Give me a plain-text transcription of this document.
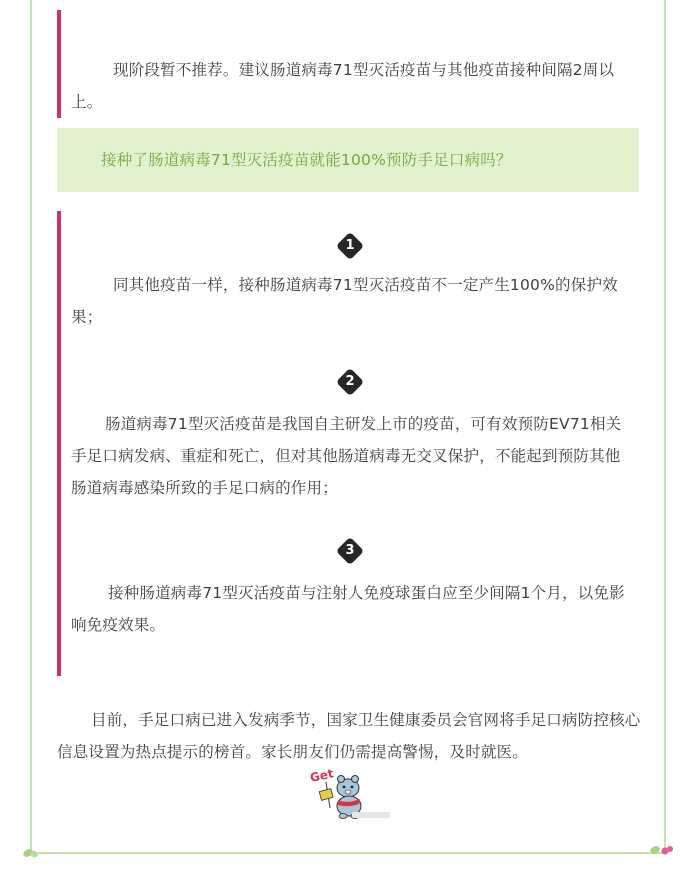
现阶段暂不推荐。建议肠道病毒71型灭活疫苗与其他疫苗接种间隔2周以上。
接种了肠道病毒71型灭活疫苗就能100%预防手足口病吗？
1
同其他疫苗一样，接种肠道病毒71型灭活疫苗不一定产生100%的保护效果；
2
肠道病毒71型灭活疫苗是我国自主研发上市的疫苗，可有效预防EV71相关手足口病发病、重症和死亡，但对其他肠道病毒无交叉保护，不能起到预防其他肠道病毒感染所致的手足口病的作用；
3
接种肠道病毒71型灭活疫苗与注射人免疫球蛋白应至少间隔1个月，以免影响免疫效果。
目前，手足口病已进入发病季节，国家卫生健康委员会官网将手足口病防控核心信息设置为热点提示的榜首。家长朋友们仍需提高警惕，及时就医。
Get
